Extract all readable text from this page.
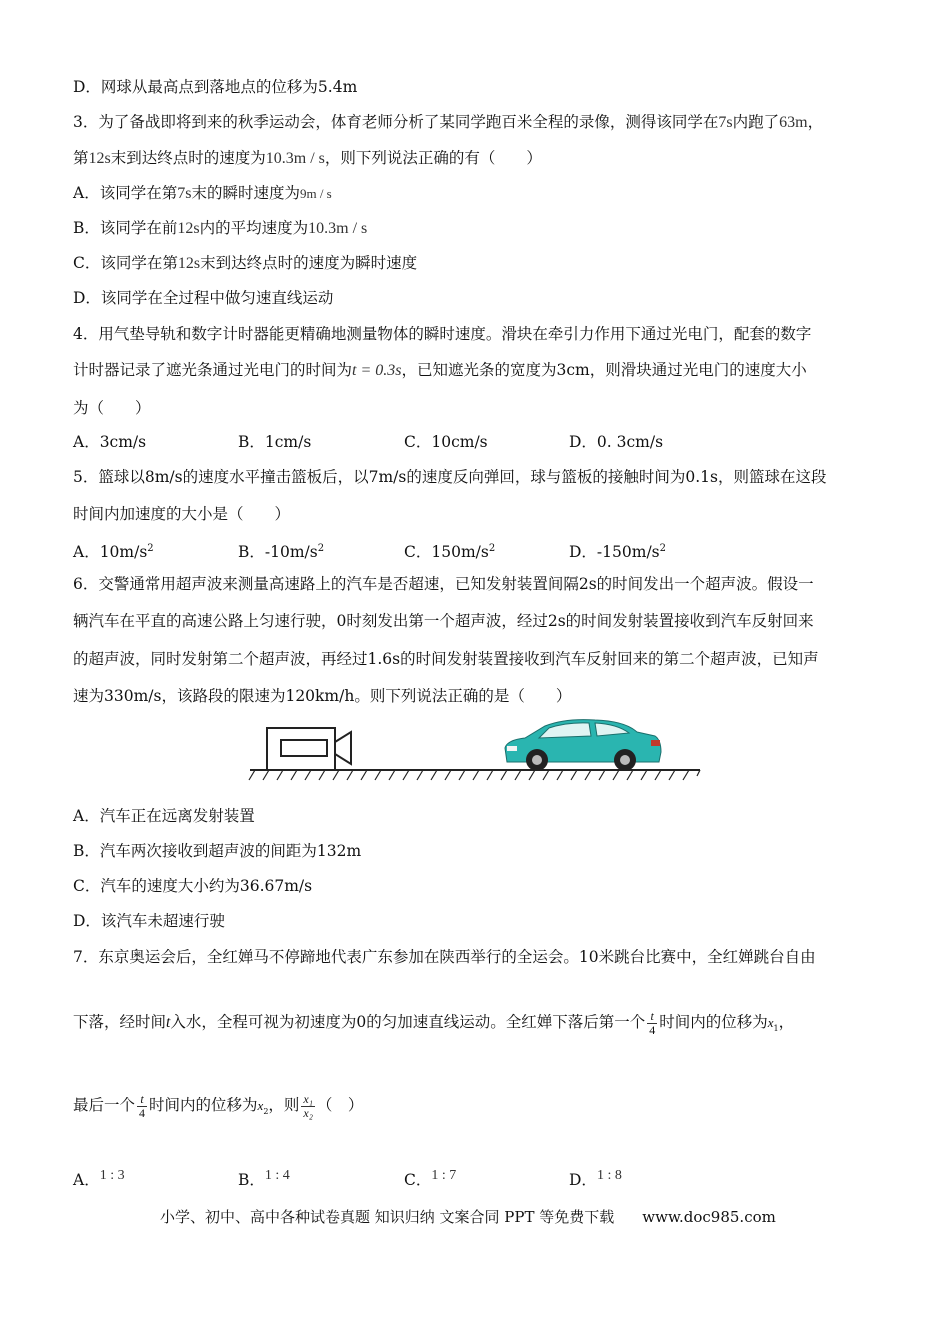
D．网球从最高点到落地点的位移为5.4m
3．为了备战即将到来的秋季运动会，体育老师分析了某同学跑百米全程的录像，测得该同学在7s内跑了63m，
第12s末到达终点时的速度为10.3m / s，则下列说法正确的有（　　）
A．该同学在第7s末的瞬时速度为9m / s
B．该同学在前12s内的平均速度为10.3m / s
C．该同学在第12s末到达终点时的速度为瞬时速度
D．该同学在全过程中做匀速直线运动
4．用气垫导轨和数字计时器能更精确地测量物体的瞬时速度。滑块在牵引力作用下通过光电门，配套的数字
计时器记录了遮光条通过光电门的时间为t = 0.3s，已知遮光条的宽度为3cm，则滑块通过光电门的速度大小
为（　　）
A．3cm/s	B．1cm/s	C．10cm/s	D．0. 3cm/s
5．篮球以8m/s的速度水平撞击篮板后，以7m/s的速度反向弹回，球与篮板的接触时间为0.1s，则篮球在这段
时间内加速度的大小是（　　）
A．$10m/s^2$	B．$-10m/s^2$	C．$150m/s^2$	D．$-150m/s^2$
6．交警通常用超声波来测量高速路上的汽车是否超速，已知发射装置间隔2s的时间发出一个超声波。假设一
辆汽车在平直的高速公路上匀速行驶，0时刻发出第一个超声波，经过2s的时间发射装置接收到汽车反射回来
的超声波，同时发射第二个超声波，再经过1.6s的时间发射装置接收到汽车反射回来的第二个超声波，已知声
速为330m/s，该路段的限速为120km/h。则下列说法正确的是（　　）
A．汽车正在远离发射装置
B．汽车两次接收到超声波的间距为132m
C．汽车的速度大小约为36.67m/s
D．该汽车未超速行驶
7．东京奥运会后，全红婵马不停蹄地代表广东参加在陕西举行的全运会。10米跳台比赛中，全红婵跳台自由
下落，经时间t入水，全程可视为初速度为0的匀加速直线运动。全红婵下落后第一个 $\frac{t}{4}$ 时间内的位移为$x_1$，
最后一个 $\frac{t}{4}$ 时间内的位移为$x_2$，则 $\frac{\text{x₁}}{\text{x₂}}$ （　）
A．1 : 3	B．1 : 4	C．1 : 7	D．1 : 8
小学、初中、高中各种试卷真题 知识归纳 文案合同 PPT 等免费下载 www.doc985.com
